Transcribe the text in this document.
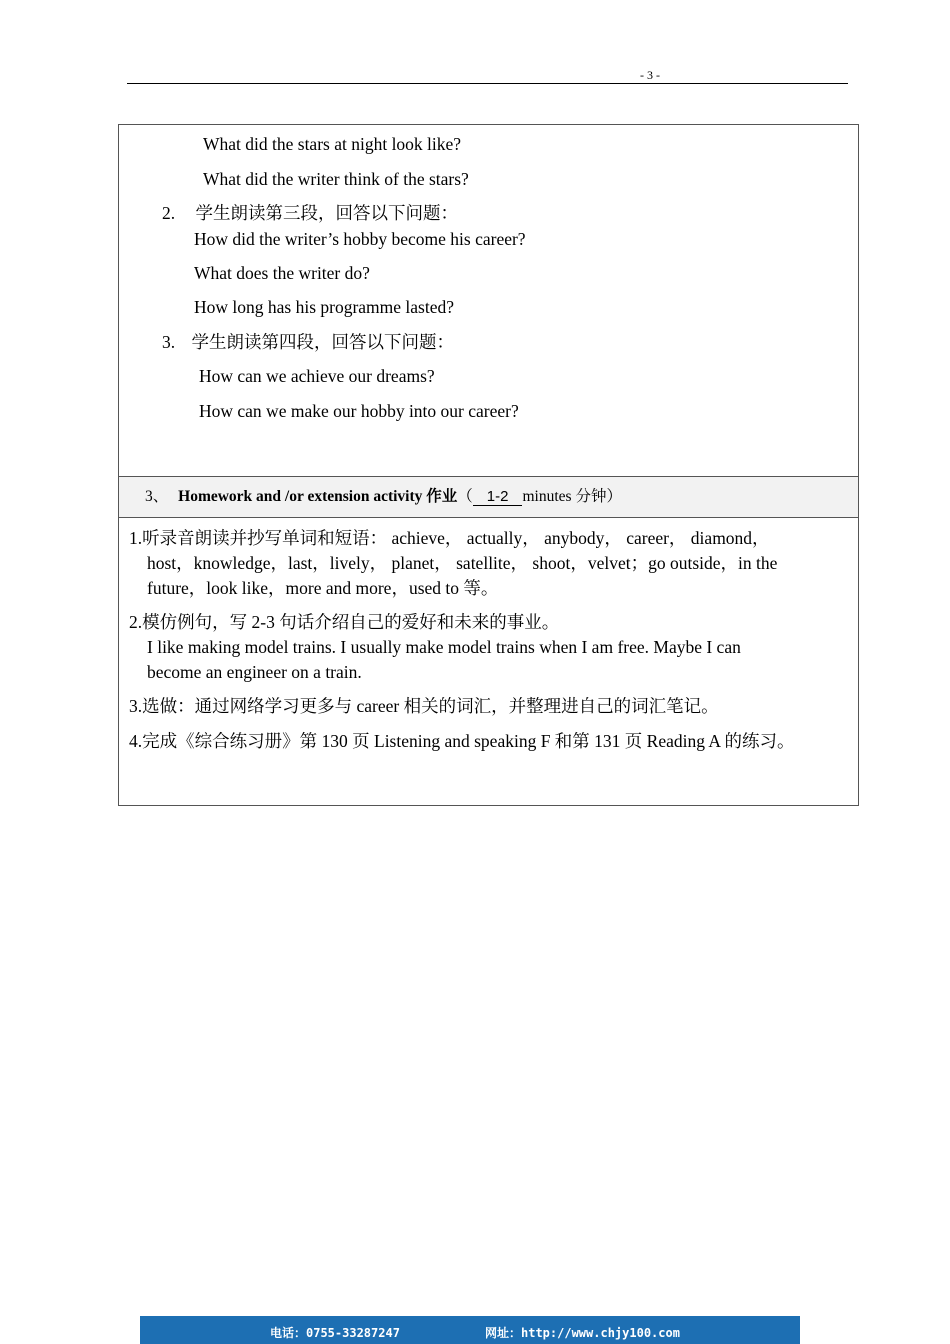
- 3 -
What did the stars at night look like?
What did the writer think of the stars?
2. 学生朗读第三段，回答以下问题：
How did the writer’s hobby become his career?
What does the writer do?
How long has his programme lasted?
3. 学生朗读第四段，回答以下问题：
How can we achieve our dreams?
How can we make our hobby into our career?
3、 Homework and /or extension activity 作业（ 1-2 minutes 分钟）
1.听录音朗读并抄写单词和短语： achieve， actually， anybody， career， diamond，
host，knowledge，last，lively， planet， satellite， shoot，velvet；go outside，in the
future，look like，more and more，used to 等。
2.模仿例句，写 2-3 句话介绍自己的爱好和未来的事业。
I like making model trains. I usually make model trains when I am free. Maybe I can
become an engineer on a train.
3.选做：通过网络学习更多与 career 相关的词汇，并整理进自己的词汇笔记。
4.完成《综合练习册》第 130 页 Listening and speaking F 和第 131 页 Reading A 的练习。
电话：0755-33287247	网址：http://www.chjy100.com
